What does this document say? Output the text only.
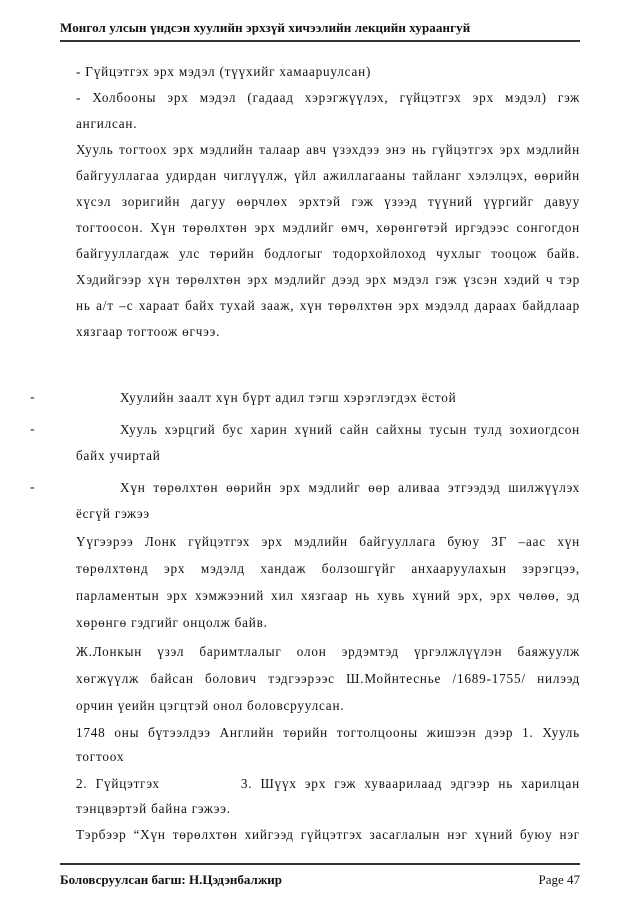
Монгол улсын үндсэн хуулийн эрхзүй хичээлийн лекцийн хураангуй
-
-
-
- Гүйцэтгэх эрх мэдэл (түүхийг хамаарuулсан)
- Холбооны эрх мэдэл (гадаад хэрэгжүүлэх, гүйцэтгэх эрх мэдэл) гэж
ангилсан.
Хууль тогтоох эрх мэдлийн талаар авч үзэхдээ энэ нь гүйцэтгэх эрх мэдлийн
байгууллагаа удирдан чиглүүлж, үйл ажиллагааны тайланг хэлэлцэх, өөрийн
хүсэл зоригийн дагуу өөрчлөх эрхтэй гэж үзээд түүний үүргийг давуу
тогтоосон. Хүн төрөлхтөн эрх мэдлийг өмч, хөрөнгөтэй иргэдээс сонгогдон
байгууллагдаж улс төрийн бодлогыг тодорхойлоход чухлыг тооцож байв.
Хэдийгээр хүн төрөлхтөн эрх мэдлийг дээд эрх мэдэл гэж үзсэн хэдий ч тэр
нь а/т –с хараат байх тухай зааж, хүн төрөлхтөн эрх мэдэлд дараах байдлаар
хязгаар тогтоож өгчээ.
Хуулийн заалт хүн бүрт адил тэгш хэрэглэгдэх ёстой
Хууль хэрцгий бус харин хүний сайн сайхны тусын тулд зохиогдсон
байх учиртай
Хүн төрөлхтөн өөрийн эрх мэдлийг өөр аливаа этгээдэд шилжүүлэх
ёсгүй гэжээ
Үүгээрээ Лонк гүйцэтгэх эрх мэдлийн байгууллага буюу ЗГ –аас хүн
төрөлхтөнд эрх мэдэлд хандаж болзошгүйг анхааруулахын зэрэгцээ,
парламентын эрх хэмжээний хил хязгаар нь хувь хүний эрх, эрх чөлөө, эд
хөрөнгө гэдгийг онцолж байв.
Ж.Лонкын үзэл баримтлалыг олон эрдэмтэд үргэлжлүүлэн баяжуулж
хөгжүүлж байсан болович тэдгээрээс Ш.Мойнтеснье /1689-1755/ нилээд
орчин үеийн цэгцтэй онол боловсруулсан.
1748 оны бүтээлдээ Английн төрийн тогтолцооны жишээн дээр 1. Хууль
тогтоох
2. Гүйцэтгэх          3. Шүүх эрх гэж хуваарилаад эдгээр нь харилцан
тэнцвэртэй байна гэжээ.
Тэрбээр “Хүн төрөлхтөн хийгээд гүйцэтгэх засаглалын нэг хүний буюу нэг
Боловсруулсан багш: Н.Цэдэнбалжир	Page 47
